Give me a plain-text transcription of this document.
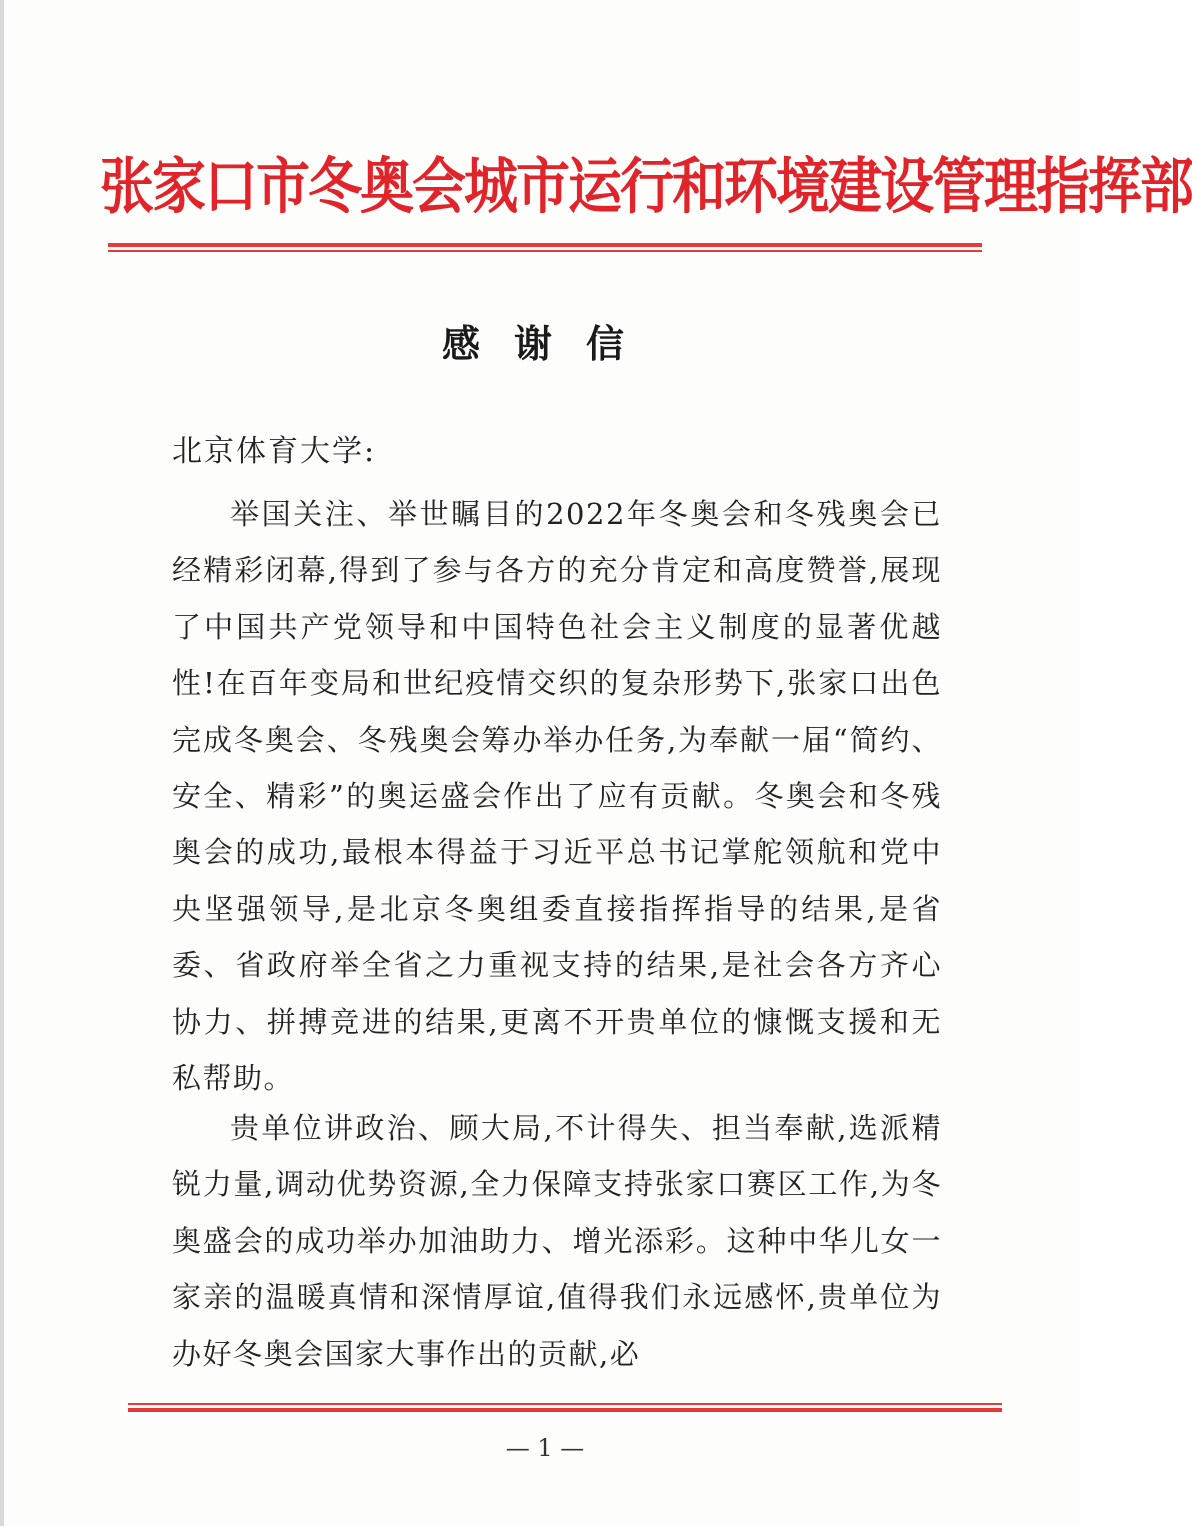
张家口市冬奥会城市运行和环境建设管理指挥部
感谢信
北京体育大学:

举国关注、举世瞩目的2022年冬奥会和冬残奥会已经精彩闭幕,得到了参与各方的充分肯定和高度赞誉,展现了中国共产党领导和中国特色社会主义制度的显著优越性!在百年变局和世纪疫情交织的复杂形势下,张家口出色完成冬奥会、冬残奥会筹办举办任务,为奉献一届“简约、安全、精彩”的奥运盛会作出了应有贡献。冬奥会和冬残奥会的成功,最根本得益于习近平总书记掌舵领航和党中央坚强领导,是北京冬奥组委直接指挥指导的结果,是省委、省政府举全省之力重视支持的结果,是社会各方齐心协力、拼搏竞进的结果,更离不开贵单位的慷慨支援和无私帮助。

贵单位讲政治、顾大局,不计得失、担当奉献,选派精锐力量,调动优势资源,全力保障支持张家口赛区工作,为冬奥盛会的成功举办加油助力、增光添彩。这种中华儿女一家亲的温暖真情和深情厚谊,值得我们永远感怀,贵单位为办好冬奥会国家大事作出的贡献,必

— 1 —
